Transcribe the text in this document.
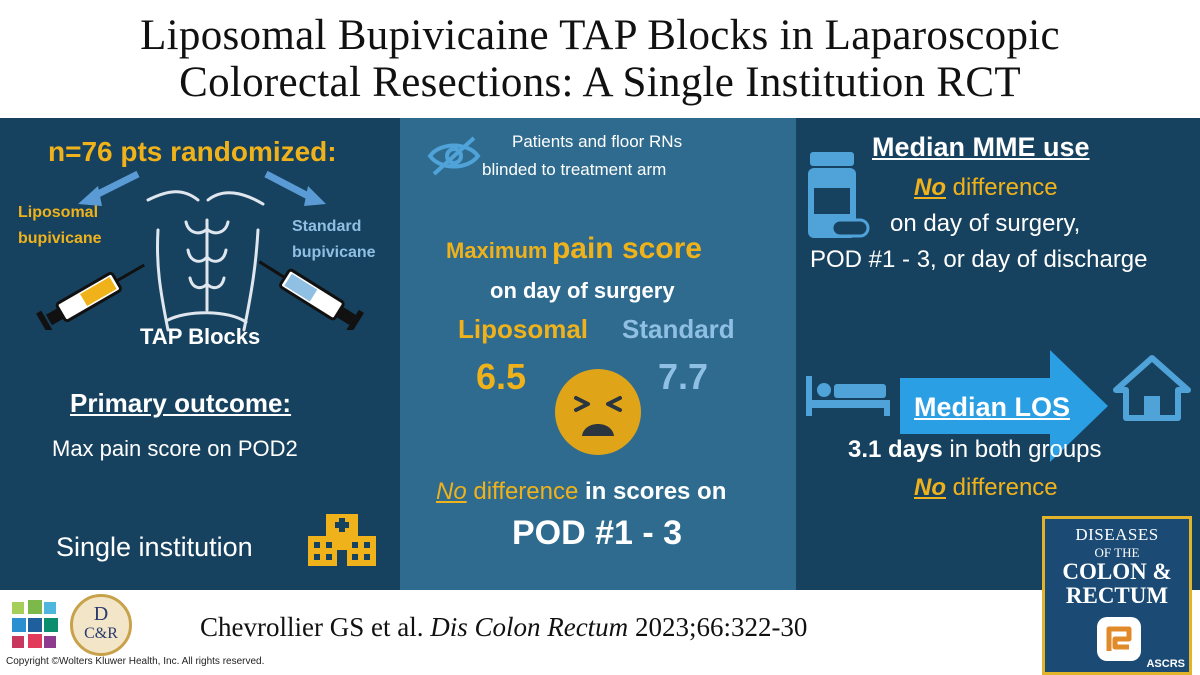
Liposomal Bupivicaine TAP Blocks in Laparoscopic
Colorectal Resections: A Single Institution RCT
n=76 pts randomized:
Liposomal
bupivicane
Standard
bupivicane
TAP Blocks
Primary outcome:
Max pain score on POD2
Single institution
Patients and floor RNs
blinded to treatment arm
Maximum pain score
on day of surgery
Liposomal Standard
6.5	7.7
No difference in scores on
POD #1 - 3
Median MME use
No difference
on day of surgery,
POD #1 - 3, or day of discharge
Median LOS
3.1 days in both groups
No difference
D
C&R	Chevrollier GS et al. Dis Colon Rectum 2023;66:322-30
Copyright ©Wolters Kluwer Health, Inc. All rights reserved.
DISEASES
OF THE
COLON &
RECTUM
ASCRS
